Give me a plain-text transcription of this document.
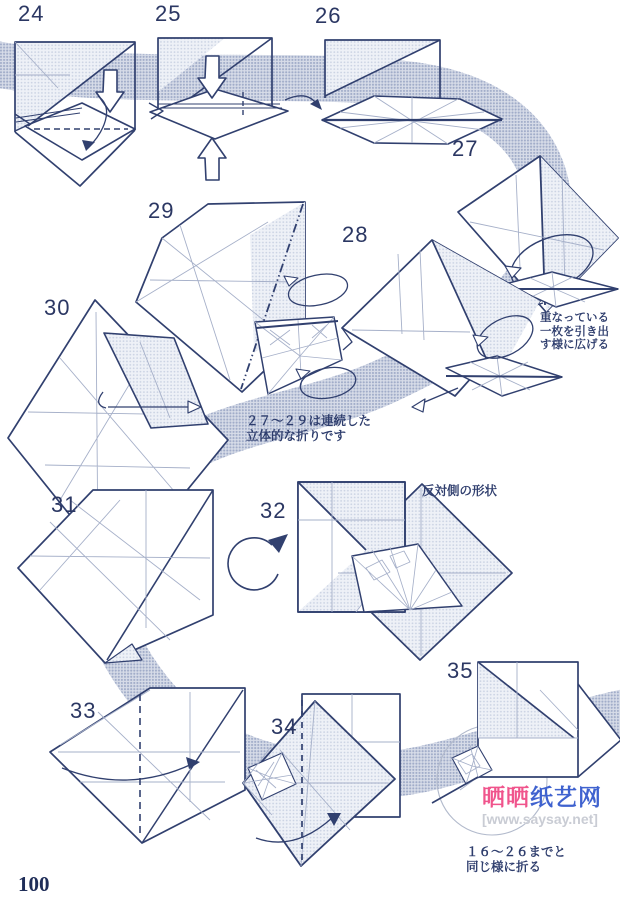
24	25	26
27
28
29
30
31	32
33
34
35
重なっている
一枚を引き出
す様に広げる
２７～２９は連続した
立体的な折りです
反対側の形状
１６～２６までと
同じ様に折る
晒晒纸艺网
[www.saysay.net]
100
